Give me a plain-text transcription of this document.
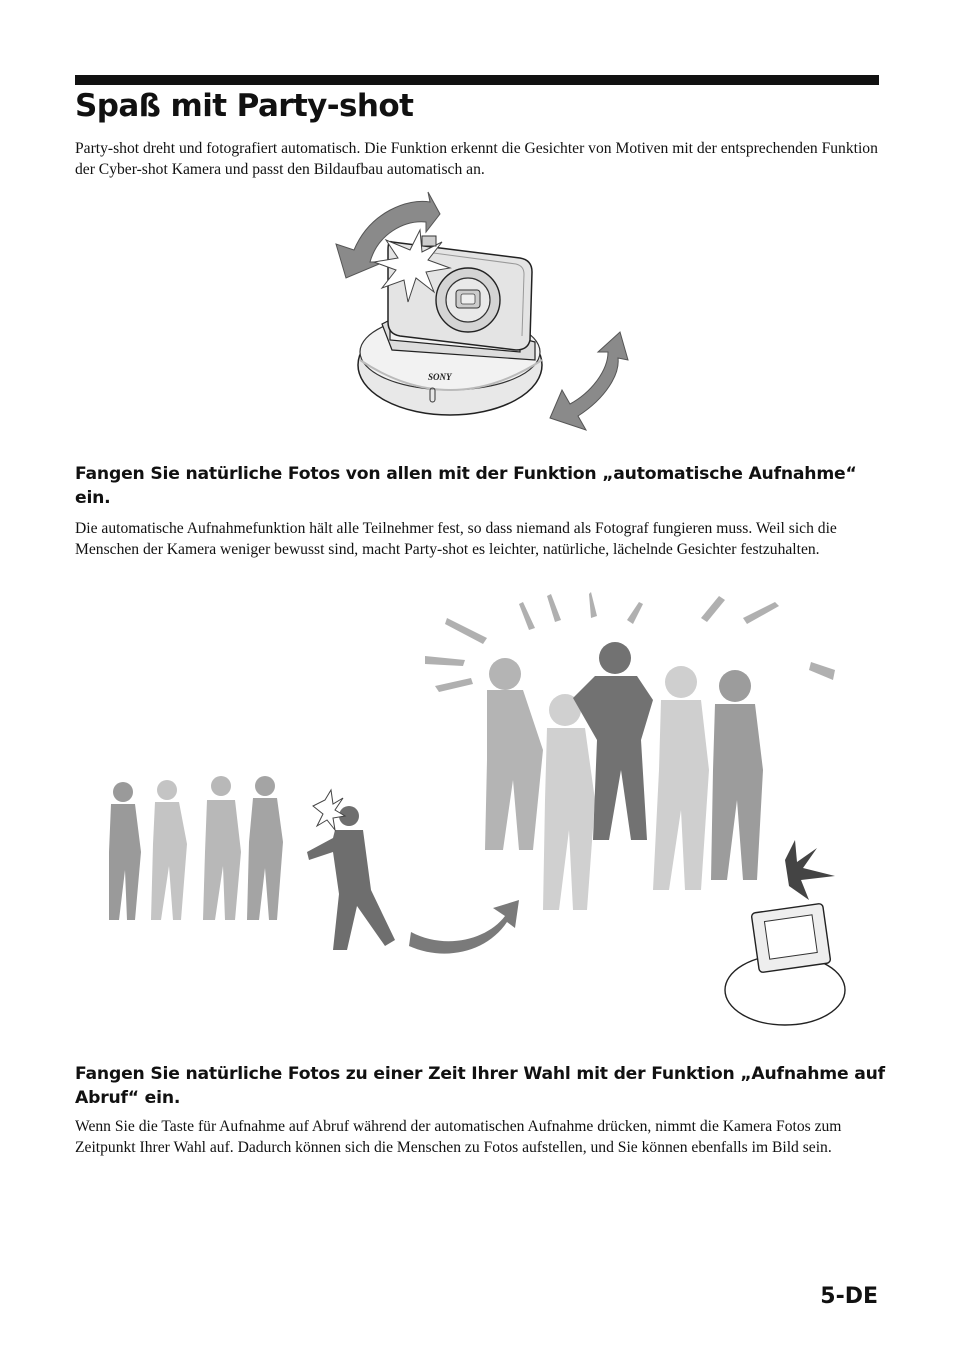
Spaß mit Party-shot

Party-shot dreht und fotografiert automatisch. Die Funktion erkennt die Gesichter von Motiven mit der entsprechenden Funktion der Cyber-shot Kamera und passt den Bildaufbau automatisch an.

SONY
Fangen Sie natürliche Fotos von allen mit der Funktion „automatische Aufnahme“ ein.

Die automatische Aufnahmefunktion hält alle Teilnehmer fest, so dass niemand als Fotograf fungieren muss. Weil sich die Menschen der Kamera weniger bewusst sind, macht Party-shot es leichter, natürliche, lächelnde Gesichter festzuhalten.

Fangen Sie natürliche Fotos zu einer Zeit Ihrer Wahl mit der Funktion „Aufnahme auf Abruf“ ein.

Wenn Sie die Taste für Aufnahme auf Abruf während der automatischen Aufnahme drücken, nimmt die Kamera Fotos zum Zeitpunkt Ihrer Wahl auf. Dadurch können sich die Menschen zu Fotos aufstellen, und Sie können ebenfalls im Bild sein.

5-DE
